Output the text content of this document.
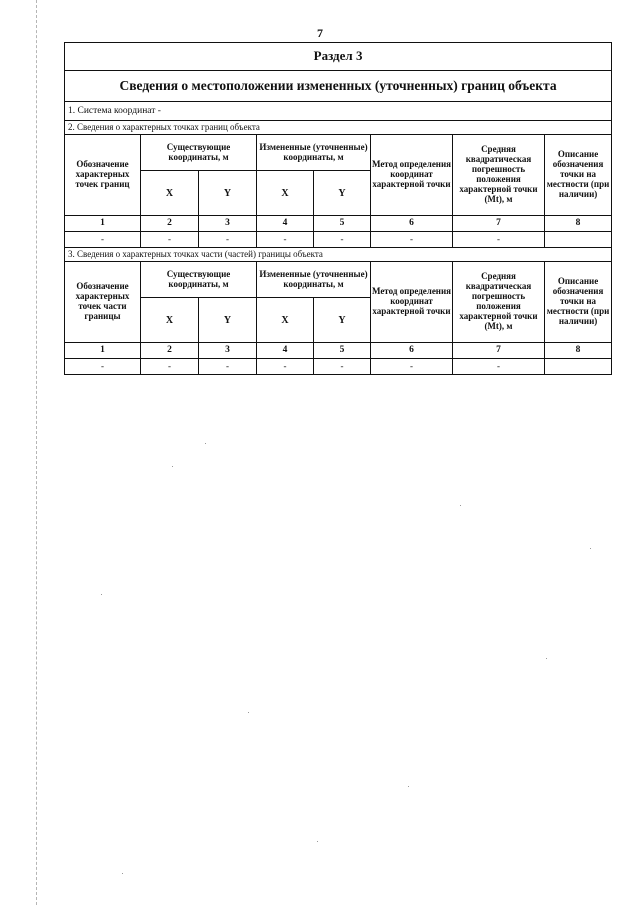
7
Раздел 3							
Сведения о местоположении измененных (уточненных) границ объекта							
1. Система координат -							
2. Сведения о характерных точках границ объекта							
Обозначение характерных точек границ	Существующие координаты, м		Измененные (уточненные) координаты, м		Метод определения координат характерной точки	Средняя квадратическая погрешность положения характерной точки (Mt), м	Описание обозначения точки на местности (при наличии)
	X	Y	X	Y			
1	2	3	4	5	6	7	8
-	-	-	-	-	-	-	
3. Сведения о характерных точках части (частей) границы объекта							
Обозначение характерных точек части границы	Существующие координаты, м		Измененные (уточненные) координаты, м		Метод определения координат характерной точки	Средняя квадратическая погрешность положения характерной точки (Mt), м	Описание обозначения точки на местности (при наличии)
	X	Y	X	Y			
1	2	3	4	5	6	7	8
-	-	-	-	-	-	-	
